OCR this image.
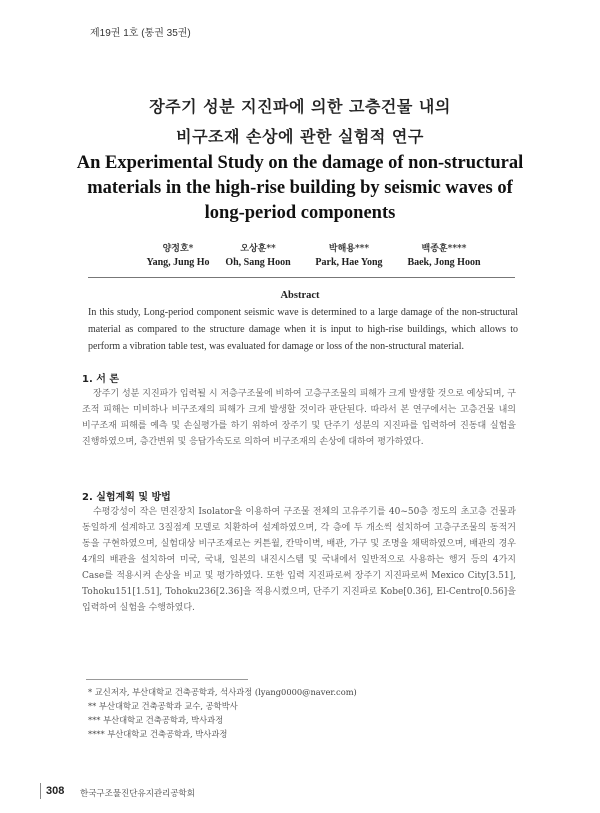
제19권 1호 (통권 35권)
장주기 성분 지진파에 의한 고층건물 내의
비구조재 손상에 관한 실험적 연구
An Experimental Study on the damage of non-structural
materials in the high-rise building by seismic waves of
long-period components
양정호*
Yang, Jung Ho
오상훈**
Oh, Sang Hoon
박해용***
Park, Hae Yong
백종훈****
Baek, Jong Hoon
Abstract
In this study, Long-period component seismic wave is determined to a large damage of the non-structural material as compared to the structure damage when it is input to high-rise buildings, which allows to perform a vibration table test, was evaluated for damage or loss of the non-structural material.
1. 서 론
장주기 성분 지진파가 입력될 시 저층구조물에 비하여 고층구조물의 피해가 크게 발생할 것으로 예상되며, 구조적 피해는 미비하나 비구조재의 피해가 크게 발생할 것이라 판단된다. 따라서 본 연구에서는 고층건물 내의 비구조재 피해를 예측 및 손실평가를 하기 위하여 장주기 및 단주기 성분의 지진파를 입력하여 진동대 실험을 진행하였으며, 층간변위 및 응답가속도로 의하여 비구조재의 손상에 대하여 평가하였다.
2. 실험계획 및 방법
수평강성이 작은 면진장치 Isolator을 이용하여 구조물 전체의 고유주기를 40~50층 정도의 초고층 건물과 동일하게 설계하고 3질점계 모델로 치환하여 설계하였으며, 각 층에 두 개소씩 설치하여 고층구조물의 동적거동을 구현하였으며, 실험대상 비구조재로는 커튼월, 칸막이벽, 배관, 가구 및 조명을 채택하였으며, 배관의 경우 4개의 배관을 설치하여 미국, 국내, 일본의 내진시스템 및 국내에서 일반적으로 사용하는 행거 등의 4가지 Case를 적용시켜 손상을 비교 및 평가하였다. 또한 입력 지진파로써 장주기 지진파로써 Mexico City[3.51], Tohoku151[1.51], Tohoku236[2.36]을 적용시켰으며, 단주기 지진파로 Kobe[0.36], El-Centro[0.56]을 입력하여 실험을 수행하였다.
* 교신저자, 부산대학교 건축공학과, 석사과정 (lyang0000@naver.com)
** 부산대학교 건축공학과 교수, 공학박사
*** 부산대학교 건축공학과, 박사과정
**** 부산대학교 건축공학과, 박사과정
308 한국구조물진단유지관리공학회
